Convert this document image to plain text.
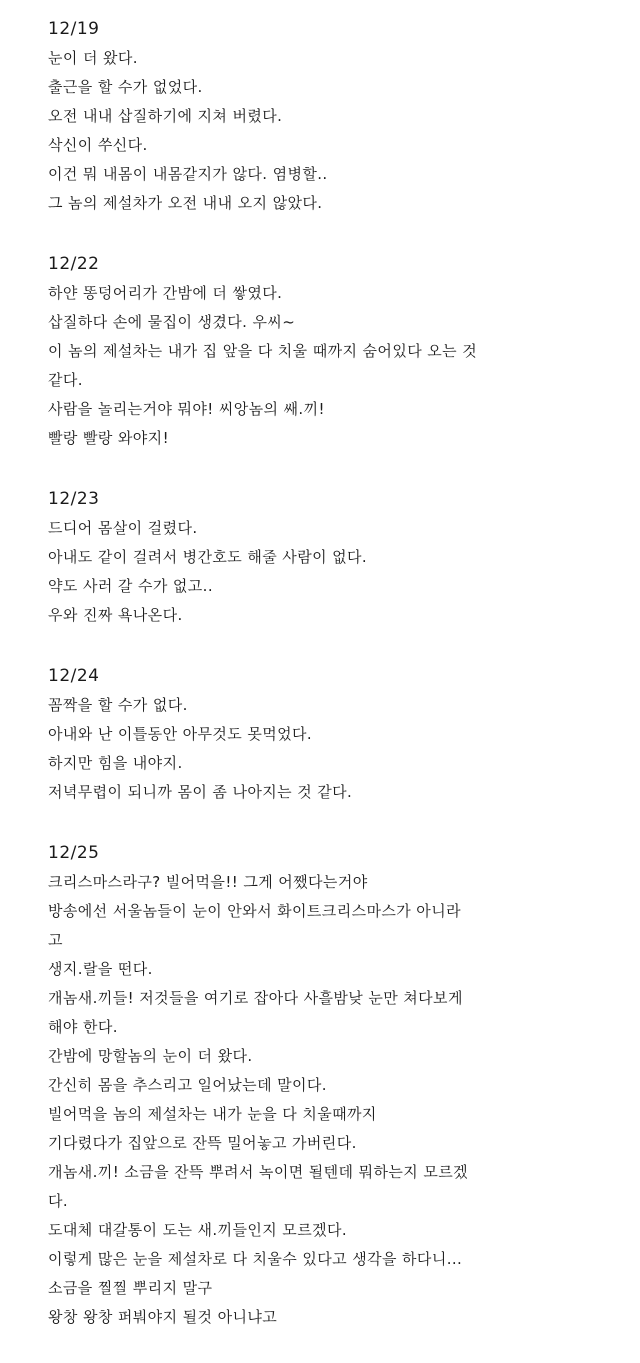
12/19
눈이 더 왔다.
출근을 할 수가 없었다.
오전 내내 삽질하기에 지쳐 버렸다.
삭신이 쑤신다.
이건 뭐 내몸이 내몸같지가 않다. 염병할..
그 놈의 제설차가 오전 내내 오지 않았다.
12/22
하얀 똥덩어리가 간밤에 더 쌓였다.
삽질하다 손에 물집이 생겼다. 우씨~
이 놈의 제설차는 내가 집 앞을 다 치울 때까지 숨어있다 오는 것
같다.
사람을 놀리는거야 뭐야! 씨앙놈의 쌔.끼!
빨랑 빨랑 와야지!
12/23
드디어 몸살이 걸렸다.
아내도 같이 걸려서 병간호도 해줄 사람이 없다.
약도 사러 갈 수가 없고..
우와 진짜 욕나온다.
12/24
꼼짝을 할 수가 없다.
아내와 난 이틀동안 아무것도 못먹었다.
하지만 힘을 내야지.
저녁무렵이 되니까 몸이 좀 나아지는 것 같다.
12/25
크리스마스라구? 빌어먹을!! 그게 어쨌다는거야
방송에선 서울놈들이 눈이 안와서 화이트크리스마스가 아니라
고
생지.랄을 떤다.
개놈새.끼들! 저것들을 여기로 잡아다 사흘밤낮 눈만 쳐다보게
해야 한다.
간밤에 망할놈의 눈이 더 왔다.
간신히 몸을 추스리고 일어났는데 말이다.
빌어먹을 놈의 제설차는 내가 눈을 다 치울때까지
기다렸다가 집앞으로 잔뜩 밀어놓고 가버린다.
개놈새.끼! 소금을 잔뜩 뿌려서 녹이면 될텐데 뭐하는지 모르겠
다.
도대체 대갈통이 도는 새.끼들인지 모르겠다.
이렇게 많은 눈을 제설차로 다 치울수 있다고 생각을 하다니...
소금을 찔찔 뿌리지 말구
왕창 왕창 퍼붜야지 될것 아니냐고
